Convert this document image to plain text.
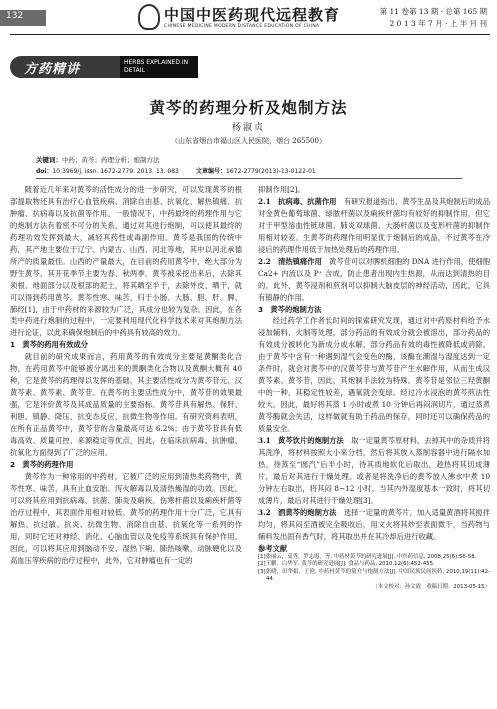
132	中国中医药现代远程教育
CHINESE MEDICINE MODERN DISTANCE EDUCATION OF CHINA
第 11 卷第 13 期 · 总第 165 期
2 0 1 3 年 7 月 · 上 半 月 刊
方药精讲	HERBS EXPLAINED IN DETAIL
黄芩的药理分析及炮制方法
杨淑贞
（山东省烟台市福山区人民医院，烟台 265500）
关键词：中药；黄芩；药理分析；炮制方法
doi：10.3969/j. issn. 1672-2779. 2013. 13. 083	文章编号：1672-2779(2013)-13-0122-01

随着近几年来对黄芩的活性成分的进一步研究，可以发现黄芩的根部提取物还具有治疗心血管疾病、消除自由基、抗氧化、解热镇痛、抗肿瘤、抗病毒以及抗菌等作用。一般情况下，中药最终的药理作用与它的炮制方法有着密不可分的关系，通过对其进行炮制，可以使其最终的药理功效发挥到最大，减轻其药性或毒副作用。黄芩是我国的传统中药，其产地主要位于辽宁、内蒙古、山西、河北等地，其中以河北承德所产的质量最佳。山西的产量最大，在目前的药用黄芩中，绝大部分为野生黄芩，其开花季节主要为春、秋两季。黄芩被采挖出来后，去除其须根、地面部分以及根部的泥土，将其晒至半干，去除外皮，晒干，就可以得到药用黄芩。黄芩性寒、味苦，归于小肠、大肠、胆、肝、脾、肺经[1]，由于中药材的来源较为广泛，其成分也较为复杂。因此，在各类中药进行炮制的过程中，一定要利用现代化科学技术来对其炮制方法进行论证，以此来确保炮制后的中药具有较高的效力。

1　黄芩的药用有效成分

就目前的研究成果而言，药用黄芩的有效成分主要是黄酮类化合物，在药用黄芩中能够被分离出来的黄酮类化合物以及黄酮大概有 40 种，它是黄芩的药理得以发挥的基础，其主要活性成分为黄芩苷元、汉黄芩素、黄芩素、黄芩苷。在黄芩的主要活性成分中，黄芩苷的效果最强，它是评价黄芩及其成品质量的主要指标。黄芩苷具有解热、保肝、利胆、镇静、降压、抗变态反应、抗微生物等作用。有研究资料表明，在所有正品黄芩中，黄芩苷的含量最高可达 6.2%；由于黄芩苷具有低毒高效、质量可控、来源稳定等优点，因此，在临床抗病毒、抗肿瘤、抗氧化方面得到了广泛的应用。

2　黄芩的药理作用

黄芩作为一种常用的中药材，它被广泛的应用到清热类药物中，黄芩性寒、味苦，具有止血安胎、泻火解毒以及清热燥湿的功效。因此，可以将其应用到抗病毒、抗菌、肺炎及痢疾。伤寒杆菌以及痢疾杆菌等治疗过程中，其表面作用相对较低。黄芩的药理作用十分广泛，它具有解热、抗过敏、抗炎、抗微生物、消除自由基、抗氧化等一系列的作用，同时它还对神经、消化、心脑血管以及免疫等系统具有保护作用。因此，可以将其应用到脑动不安、湿热下痢、肺热咳嗽，动脉硬化以及高血压等疾病的治疗过程中，此外，它对肿瘤也有一定的

抑制作用[2]。

2.1　抗病毒、抗菌作用　 有研究报道指出，黄芩生品及其炮制后的成品对金黄色葡萄球菌、绿脓杆菌以及痢疾杆菌均有较好的抑制作用，但它对于甲型溶血性链球菌、肺炎双球菌、大肠杆菌以及变形杆菌的抑制作用相对较差。生黄芩的药理作用明显优于炮制后的成品，不过黄芩在冷浸后的药理作用低于加热处理后的药理作用。

2.2　清热镇痛作用　 黄芩苷可以对脾机细胞的 DNA 进行作用，使细胞 Ca2+ 内流以及 P⁺ 含成，防止患者出现内生热源，从而达到清热的目的。此外，黄芩浸剂和煎剂可以抑制大脑皮层的神经活动，因此，它具有镇静的作用。

3　黄芩的炮制方法

经过药学工作者长时间的探索研究发现，通过对中药原材料给予水浸加辅料、火制等处理，部分药品的有效成分就会被溶出，部分药品的有效成分被转化为新成分或水解，部分药品有效的毒性被降低或消除。由于黄芩中含有一种遇到湿气会变色的酶，该酶在潮湿与湿度达到一定条件时，就会对黄芩中的汉黄芩苷与黄芩苷产生水解作用，从而生成汉黄芩素、黄芩苷，因此，其炮制手法较为特殊。黄芩苷是邻位三羟黄酮中的一种，其稳定性较差，遇氧就会变绿。经过冷水浸泡的黄芩煎法性较大。因此，最好将其蒸 1 小时或煮 10 分钟后再闷润切片，通过蒸煮黄芩酶就会失活，这样做就有助于药品的保存，同时还可以确保药品的质量安全。

3.1　黄芩饮片的炮制方法　 取一定量黄芩原材料，去掉其中的杂质并将其洗净，将材料按照大小来分档，然后将其放入蒸制容器中进行隔水加热，待蒸至“圆汽”后半小时，待其质地软化后取出，趁热将其切成薄片，最后对其进行干燥处理。或者是将洗净后的黄芩放入沸水中煮 10 分钟左右取出，将其闷 8~12 小时，当其内外湿度基本一致时，将其切成薄片，最后对其进行干燥处理[3]。

3.2　酒黄芩的炮制方法　 选择一定量的黄芩片，加入适量黄酒将其搅拌均匀，将其闷至酒被完全吸收后，用文火将其炒至表面微干，当药物与辅料发出固有香气时，将其取出并在其冷却后进行收藏。

参考文献
[1]张丽云，高秀，罗志霞，等. 中药材黄芩的研究进展[J]. 中医药信息, 2008,25(6):56-58.
[2]王鹏，白华军. 黄芩的研究进展[J]. 食品与药品, 2010,12(6):452-455.
[3]张晓，田华娟，王艳. 中药材黄芩的简介与炮制方法[J]. 中国民族民间医药, 2010,19(11):42-44.
（本文校对：孙文霞　收稿日期：2013-05-15）
